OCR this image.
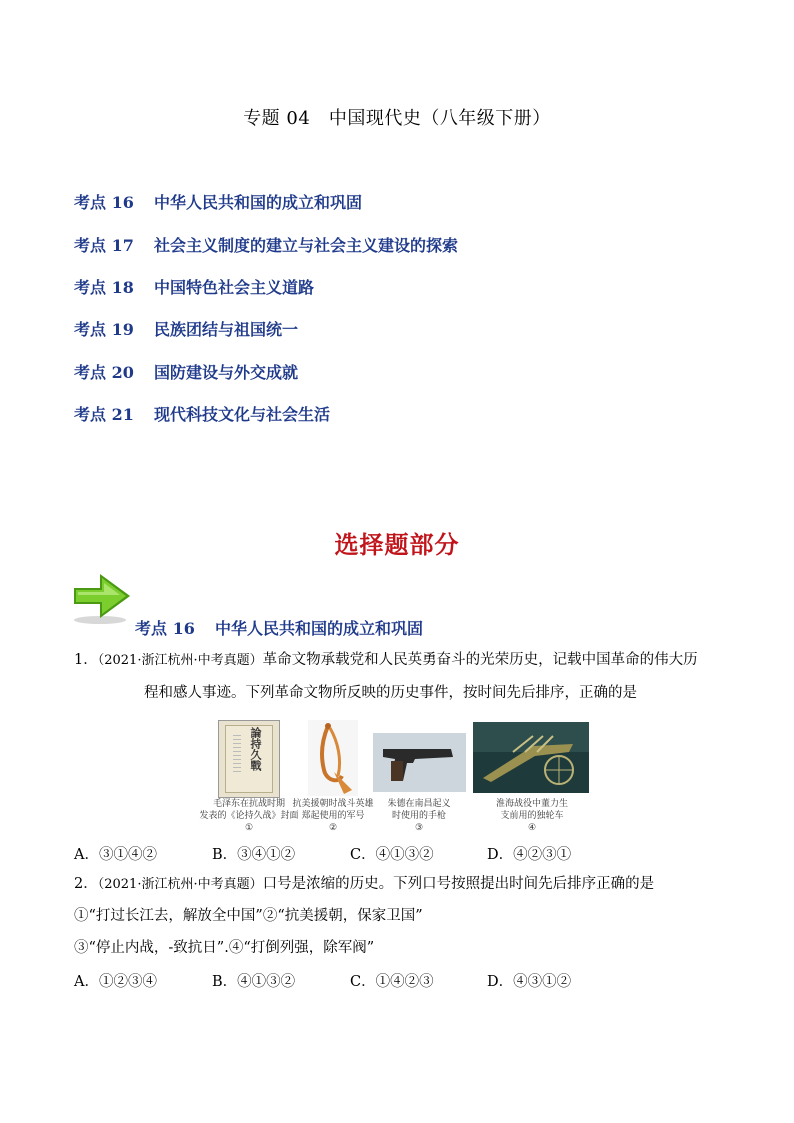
专题 04　中国现代史（八年级下册）
考点 16 中华人民共和国的成立和巩固
考点 17 社会主义制度的建立与社会主义建设的探索
考点 18 中国特色社会主义道路
考点 19 民族团结与祖国统一
考点 20 国防建设与外交成就
考点 21 现代科技文化与社会生活
选择题部分
考点 16 中华人民共和国的成立和巩固
1．（2021·浙江杭州·中考真题）革命文物承载党和人民英勇奋斗的光荣历史，记载中国革命的伟大历
程和感人事迹。下列革命文物所反映的历史事件，按时间先后排序，正确的是
論持久戰
毛泽东在抗战时期
发表的《论持久战》封面
①
抗美援朝时战斗英雄
郑起使用的军号
②
朱德在南昌起义
时使用的手枪
③
淮海战役中董力生
支前用的独轮车
④
A．③①④②	B．③④①②	C．④①③②	D．④②③①
2．（2021·浙江杭州·中考真题）口号是浓缩的历史。下列口号按照提出时间先后排序正确的是
①“打过长江去，解放全中国”②“抗美援朝，保家卫国”
③“停止内战，-致抗日”.④“打倒列强，除军阀”
A．①②③④	B．④①③②	C．①④②③	D．④③①②
